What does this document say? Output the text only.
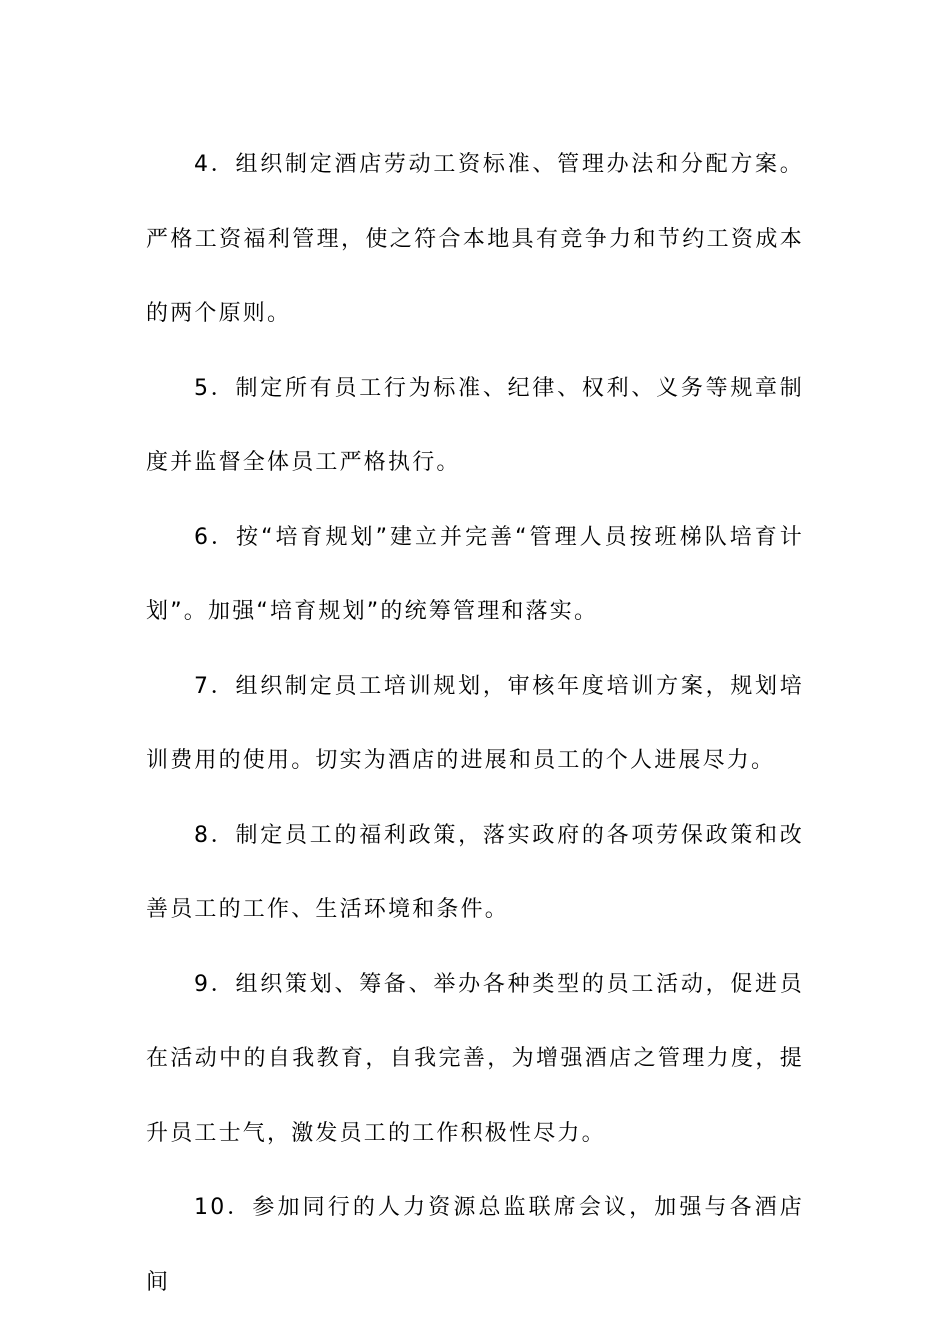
4．组织制定酒店劳动工资标准、管理办法和分配方案。严格工资福利管理，使之符合本地具有竞争力和节约工资成本的两个原则。

5．制定所有员工行为标准、纪律、权利、义务等规章制度并监督全体员工严格执行。

6．按“培育规划”建立并完善“管理人员按班梯队培育计划”。加强“培育规划”的统筹管理和落实。

7．组织制定员工培训规划，审核年度培训方案，规划培训费用的使用。切实为酒店的进展和员工的个人进展尽力。

8．制定员工的福利政策，落实政府的各项劳保政策和改善员工的工作、生活环境和条件。

9．组织策划、筹备、举办各种类型的员工活动，促进员在活动中的自我教育，自我完善，为增强酒店之管理力度，提升员工士气，激发员工的工作积极性尽力。

10．参加同行的人力资源总监联席会议，加强与各酒店间
